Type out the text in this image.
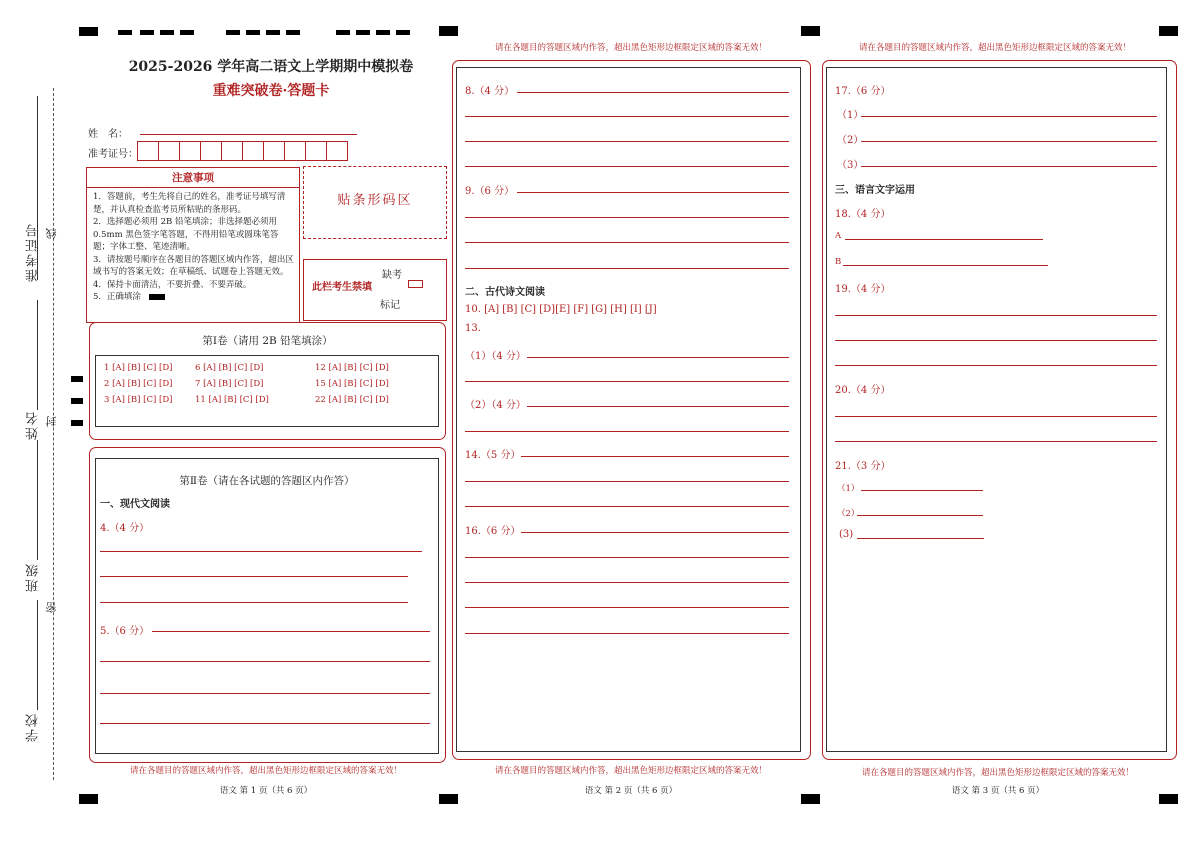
准考证号 线
姓名 封
班级
密
学校
2025-2026 学年高二语文上学期期中模拟卷
重难突破卷·答题卡
姓　名：
准考证号：
注意事项
1．答题前，考生先将自己的姓名，准考证号填写清楚，并认真检查监考员所粘贴的条形码。
2．选择题必须用 2B 铅笔填涂；非选择题必须用 0.5mm 黑色签字笔答题，不得用铅笔或圆珠笔答题；字体工整、笔迹清晰。
3．请按题号顺序在各题目的答题区域内作答，超出区域书写的答案无效；在草稿纸、试题卷上答题无效。
4．保持卡面清洁，不要折叠、不要弄破。
5．正确填涂
贴条形码区
此栏考生禁填
缺考
标记
第Ⅰ卷（请用 2B 铅笔填涂）
1 [A] [B] [C] [D]
2 [A] [B] [C] [D]
3 [A] [B] [C] [D]
6 [A] [B] [C] [D]
7 [A] [B] [C] [D]
11 [A] [B] [C] [D]
12 [A] [B] [C] [D]
15 [A] [B] [C] [D]
22 [A] [B] [C] [D]
第Ⅱ卷（请在各试题的答题区内作答）
一、现代文阅读
4.（4 分）
5.（6 分）
请在各题目的答题区域内作答，超出黑色矩形边框限定区域的答案无效！
语文 第 1 页（共 6 页）
请在各题目的答题区域内作答，超出黑色矩形边框限定区域的答案无效！
8.（4 分）
9.（6 分）
二、古代诗文阅读
10. [A] [B] [C] [D][E] [F] [G] [H] [I] [J]
13.
（1）（4 分）
（2）（4 分）
14.（5 分）
16.（6 分）
请在各题目的答题区域内作答，超出黑色矩形边框限定区域的答案无效！
语文 第 2 页（共 6 页）
请在各题目的答题区域内作答，超出黑色矩形边框限定区域的答案无效！
17.（6 分）
（1）
（2）
（3）
三、语言文字运用
18.（4 分）
A
B
19.（4 分）
20.（4 分）
21.（3 分）
（1）
（2）
(3)
请在各题目的答题区域内作答，超出黑色矩形边框限定区域的答案无效！
语文 第 3 页（共 6 页）
